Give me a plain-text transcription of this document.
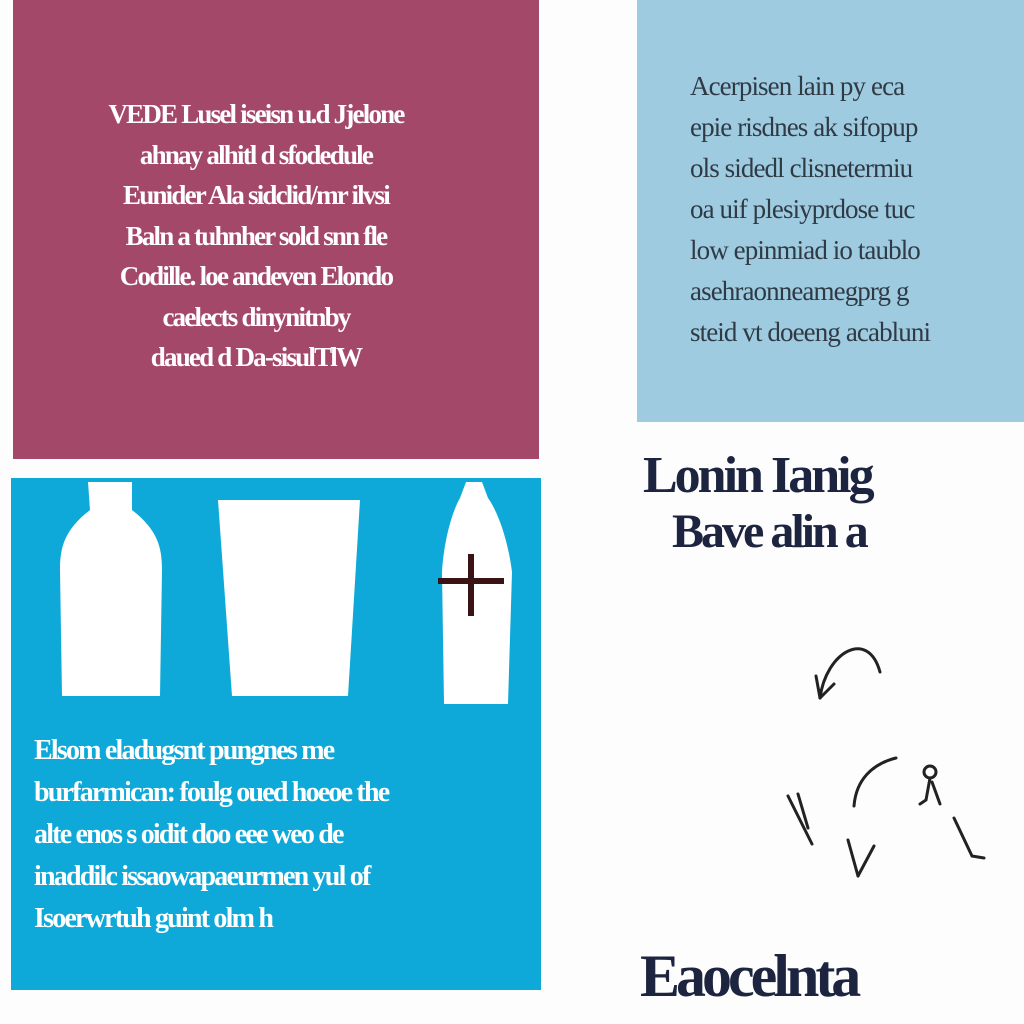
VEDE Lusel iseisn u.d Jjelone
ahnay alhitl d sfodedule
Eunider Ala sidclid/mr ilvsi
Baln a tuhnher sold snn fle
Codille. loe andeven Elondo
caelects dinynitnby
daued d Da-sisulTlW
Acerpisen lain py eca
epie risdnes ak sifopup
ols sidedl clisnetermiu
oa uif plesiyprdose tuc
low epinmiad io taublo
asehraonneamegprg g
steid vt doeeng acabluni
Elsom eladugsnt pungnes me
burfarmican: foulg oued hoeoe the
alte enos s oidit doo eee weo de
inaddilc issaowapaeurmen yul of
Isoerwrtuh guint olm h
Lonin Ianig
Bave alin a
Eaocelnta
